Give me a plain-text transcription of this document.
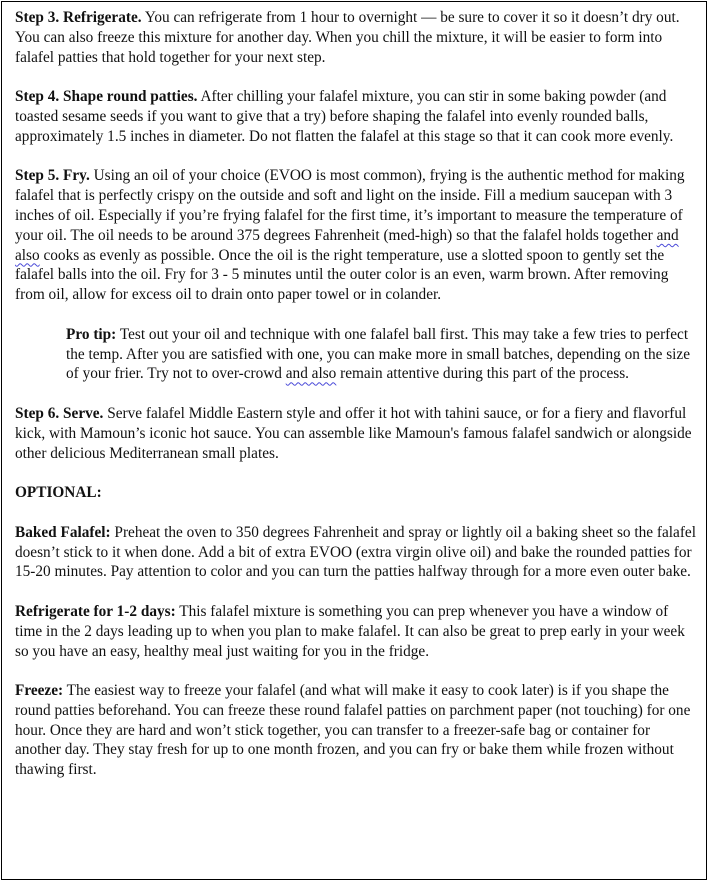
Step 3. Refrigerate. You can refrigerate from 1 hour to overnight — be sure to cover it so it doesn’t dry out. You can also freeze this mixture for another day. When you chill the mixture, it will be easier to form into falafel patties that hold together for your next step.

Step 4. Shape round patties. After chilling your falafel mixture, you can stir in some baking powder (and toasted sesame seeds if you want to give that a try) before shaping the falafel into evenly rounded balls, approximately 1.5 inches in diameter. Do not flatten the falafel at this stage so that it can cook more evenly.

Step 5. Fry. Using an oil of your choice (EVOO is most common), frying is the authentic method for making falafel that is perfectly crispy on the outside and soft and light on the inside. Fill a medium saucepan with 3 inches of oil. Especially if you’re frying falafel for the first time, it’s important to measure the temperature of your oil. The oil needs to be around 375 degrees Fahrenheit (med-high) so that the falafel holds together and also cooks as evenly as possible. Once the oil is the right temperature, use a slotted spoon to gently set the falafel balls into the oil. Fry for 3 - 5 minutes until the outer color is an even, warm brown. After removing from oil, allow for excess oil to drain onto paper towel or in colander.

Pro tip: Test out your oil and technique with one falafel ball first. This may take a few tries to perfect the temp. After you are satisfied with one, you can make more in small batches, depending on the size of your frier. Try not to over-crowd and also remain attentive during this part of the process.

Step 6. Serve. Serve falafel Middle Eastern style and offer it hot with tahini sauce, or for a fiery and flavorful kick, with Mamoun’s iconic hot sauce. You can assemble like Mamoun's famous falafel sandwich or alongside other delicious Mediterranean small plates.

OPTIONAL:

Baked Falafel: Preheat the oven to 350 degrees Fahrenheit and spray or lightly oil a baking sheet so the falafel doesn’t stick to it when done. Add a bit of extra EVOO (extra virgin olive oil) and bake the rounded patties for 15-20 minutes. Pay attention to color and you can turn the patties halfway through for a more even outer bake.

Refrigerate for 1-2 days: This falafel mixture is something you can prep whenever you have a window of time in the 2 days leading up to when you plan to make falafel. It can also be great to prep early in your week so you have an easy, healthy meal just waiting for you in the fridge.

Freeze: The easiest way to freeze your falafel (and what will make it easy to cook later) is if you shape the round patties beforehand. You can freeze these round falafel patties on parchment paper (not touching) for one hour. Once they are hard and won’t stick together, you can transfer to a freezer-safe bag or container for another day. They stay fresh for up to one month frozen, and you can fry or bake them while frozen without thawing first.
